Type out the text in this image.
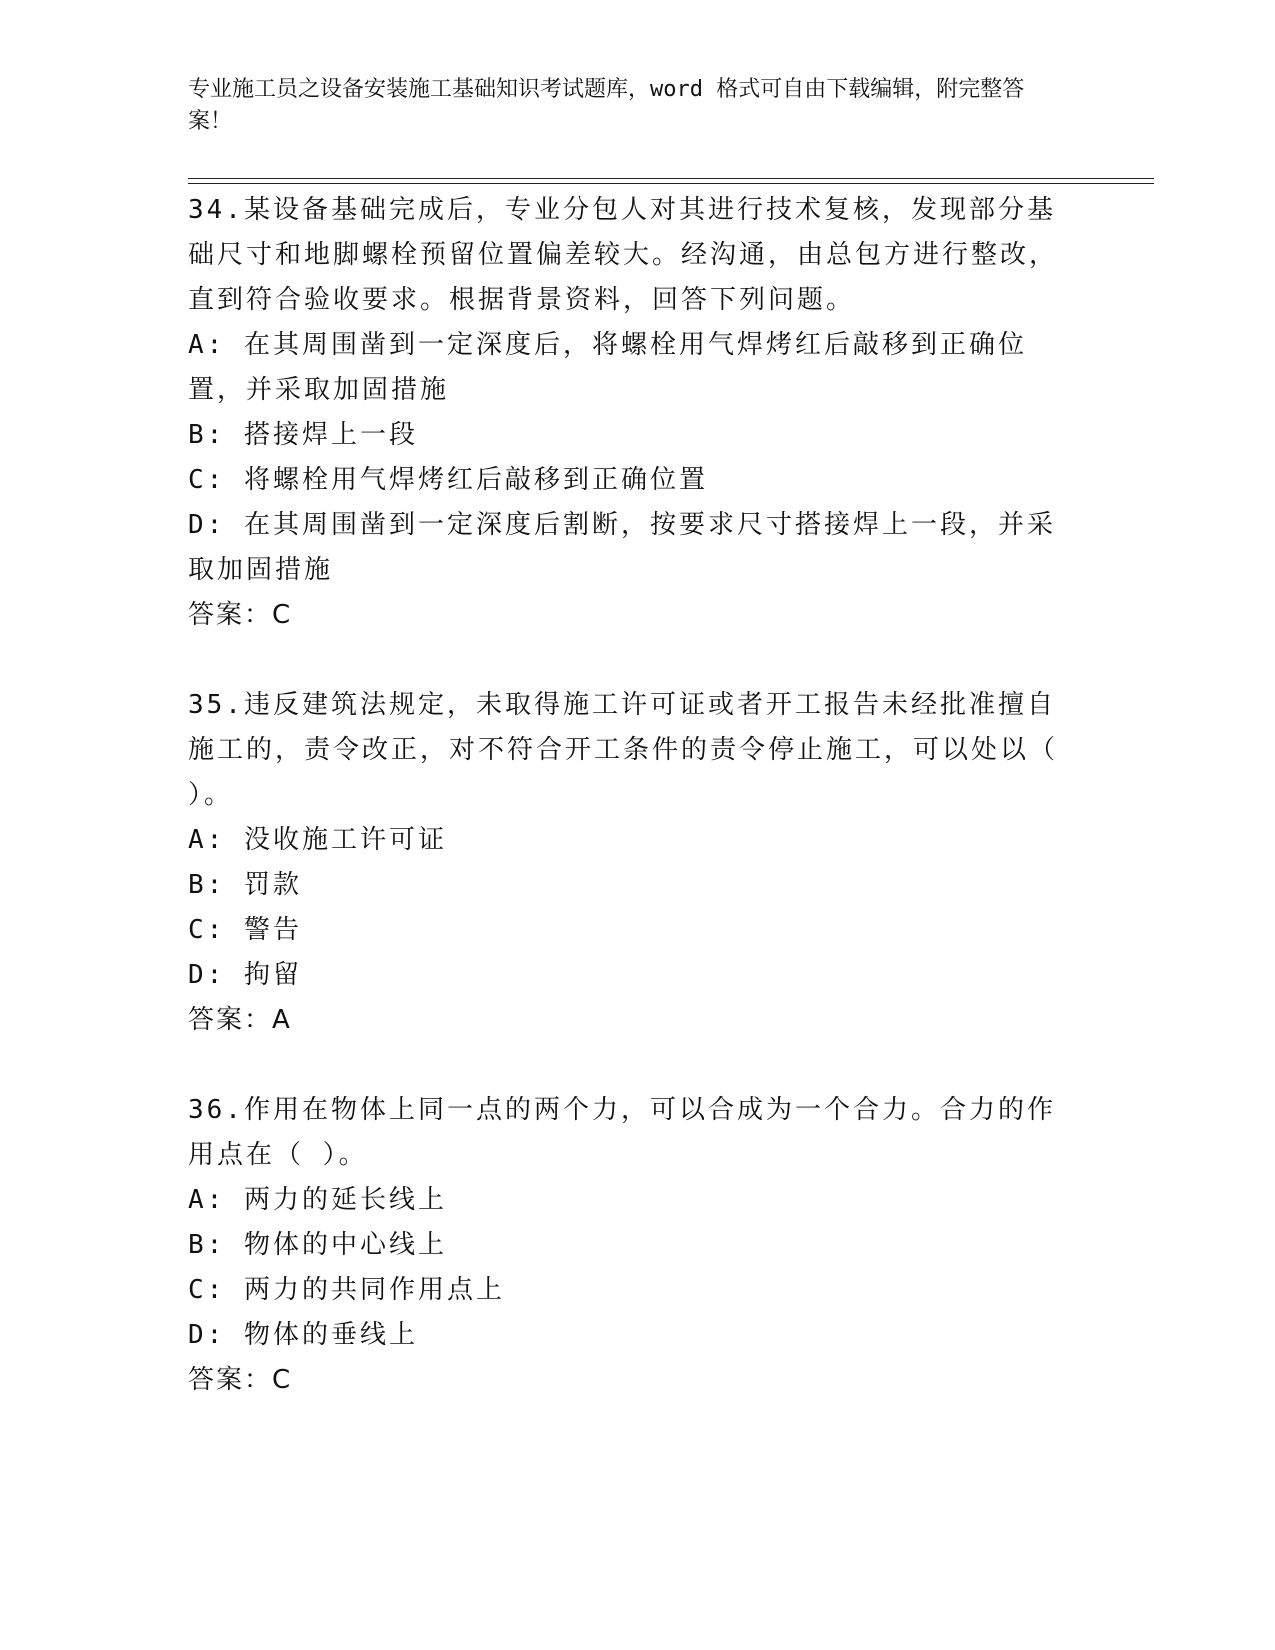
专业施工员之设备安装施工基础知识考试题库，word 格式可自由下载编辑，附完整答案！

34.某设备基础完成后，专业分包人对其进行技术复核，发现部分基础尺寸和地脚螺栓预留位置偏差较大。经沟通，由总包方进行整改，直到符合验收要求。根据背景资料，回答下列问题。

A: 在其周围凿到一定深度后，将螺栓用气焊烤红后敲移到正确位置，并采取加固措施

B: 搭接焊上一段

C: 将螺栓用气焊烤红后敲移到正确位置

D: 在其周围凿到一定深度后割断，按要求尺寸搭接焊上一段，并采取加固措施

答案：C

35.违反建筑法规定，未取得施工许可证或者开工报告未经批准擅自施工的，责令改正，对不符合开工条件的责令停止施工，可以处以（ ）。

A: 没收施工许可证

B: 罚款

C: 警告

D: 拘留

答案：A

36.作用在物体上同一点的两个力，可以合成为一个合力。合力的作用点在（ ）。

A: 两力的延长线上

B: 物体的中心线上

C: 两力的共同作用点上

D: 物体的垂线上

答案：C
